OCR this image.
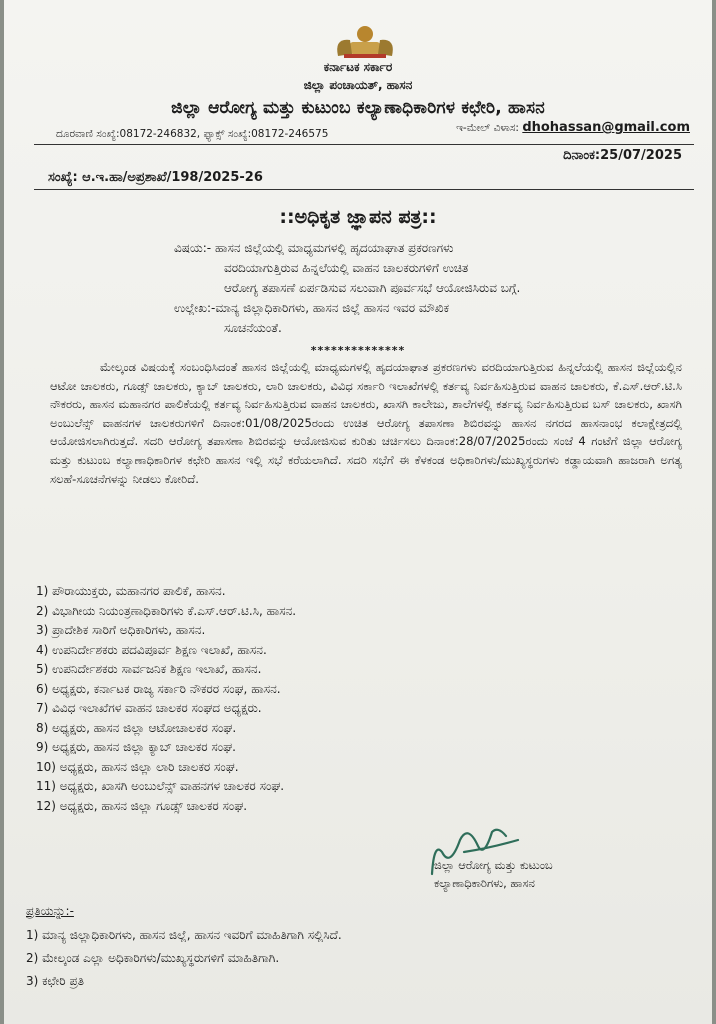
ಕರ್ನಾಟಕ ಸರ್ಕಾರ
ಜಿಲ್ಲಾ ಪಂಚಾಯತ್, ಹಾಸನ
ಜಿಲ್ಲಾ ಆರೋಗ್ಯ ಮತ್ತು ಕುಟುಂಬ ಕಲ್ಯಾಣಾಧಿಕಾರಿಗಳ ಕಛೇರಿ, ಹಾಸನ
ದೂರವಾಣಿ ಸಂಖ್ಯೆ:08172-246832, ಫ್ಯಾಕ್ಸ್ ಸಂಖ್ಯೆ:08172-246575	ಇ-ಮೇಲ್ ವಿಳಾಸ: dhohassan@gmail.com
ದಿನಾಂಕ:25/07/2025
ಸಂಖ್ಯೆ: ಆ.ಇ.ಹಾ/ಅಪ್ರಶಾಖೆ/198/2025-26
::ಅಧಿಕೃತ ಜ್ಞಾಪನ ಪತ್ರ::
ವಿಷಯ:- ಹಾಸನ ಜಿಲ್ಲೆಯಲ್ಲಿ ಮಾಧ್ಯಮಗಳಲ್ಲಿ ಹೃದಯಾಘಾತ ಪ್ರಕರಣಗಳು
ವರದಿಯಾಗುತ್ತಿರುವ ಹಿನ್ನಲೆಯಲ್ಲಿ ವಾಹನ ಚಾಲಕರುಗಳಿಗೆ ಉಚಿತ
ಆರೋಗ್ಯ ತಪಾಸಣೆ ಏರ್ಪಡಿಸುವ ಸಲುವಾಗಿ ಪೂರ್ವಸಭೆ ಆಯೋಜಿಸಿರುವ ಬಗ್ಗೆ.
ಉಲ್ಲೇಖ:-ಮಾನ್ಯ ಜಿಲ್ಲಾಧಿಕಾರಿಗಳು, ಹಾಸನ ಜಿಲ್ಲೆ ಹಾಸನ ಇವರ ಮೌಖಿಕ
ಸೂಚನೆಯಂತೆ.
**************
ಮೇಲ್ಕಂಡ ವಿಷಯಕ್ಕೆ ಸಂಬಂಧಿಸಿದಂತೆ ಹಾಸನ ಜಿಲ್ಲೆಯಲ್ಲಿ ಮಾಧ್ಯಮಗಳಲ್ಲಿ ಹೃದಯಾಘಾತ ಪ್ರಕರಣಗಳು ವರದಿಯಾಗುತ್ತಿರುವ ಹಿನ್ನಲೆಯಲ್ಲಿ ಹಾಸನ ಜಿಲ್ಲೆಯಲ್ಲಿನ ಆಟೋ ಚಾಲಕರು, ಗೂಡ್ಸ್ ಚಾಲಕರು, ಕ್ಯಾಬ್ ಚಾಲಕರು, ಲಾರಿ ಚಾಲಕರು, ವಿವಿಧ ಸರ್ಕಾರಿ ಇಲಾಖೆಗಳಲ್ಲಿ ಕರ್ತವ್ಯ ನಿರ್ವಹಿಸುತ್ತಿರುವ ವಾಹನ ಚಾಲಕರು, ಕೆ.ಎಸ್.ಆರ್.ಟಿ.ಸಿ ನೌಕರರು, ಹಾಸನ ಮಹಾನಗರ ಪಾಲಿಕೆಯಲ್ಲಿ ಕರ್ತವ್ಯ ನಿರ್ವಹಿಸುತ್ತಿರುವ ವಾಹನ ಚಾಲಕರು, ಖಾಸಗಿ ಕಾಲೇಜು, ಶಾಲೆಗಳಲ್ಲಿ ಕರ್ತವ್ಯ ನಿರ್ವಹಿಸುತ್ತಿರುವ ಬಸ್ ಚಾಲಕರು, ಖಾಸಗಿ ಅಂಬುಲೆನ್ಸ್ ವಾಹನಗಳ ಚಾಲಕರುಗಳಿಗೆ ದಿನಾಂಕ:01/08/2025ರಂದು ಉಚಿತ ಆರೋಗ್ಯ ತಪಾಸಣಾ ಶಿಬಿರವನ್ನು ಹಾಸನ ನಗರದ ಹಾಸನಾಂಭ ಕಲಾಕ್ಷೇತ್ರದಲ್ಲಿ ಆಯೋಜಿಸಲಾಗಿರುತ್ತದೆ. ಸದರಿ ಆರೋಗ್ಯ ತಪಾಸಣಾ ಶಿಬಿರವನ್ನು ಆಯೋಜಿಸುವ ಕುರಿತು ಚರ್ಚಿಸಲು ದಿನಾಂಕ:28/07/2025ರಂದು ಸಂಜೆ 4 ಗಂಟೆಗೆ ಜಿಲ್ಲಾ ಆರೋಗ್ಯ ಮತ್ತು ಕುಟುಂಬ ಕಲ್ಯಾಣಾಧಿಕಾರಿಗಳ ಕಛೇರಿ ಹಾಸನ ಇಲ್ಲಿ ಸಭೆ ಕರೆಯಲಾಗಿದೆ. ಸದರಿ ಸಭೆಗೆ ಈ ಕೆಳಕಂಡ ಅಧಿಕಾರಿಗಳು/ಮುಖ್ಯಸ್ಥರುಗಳು ಕಡ್ಡಾಯವಾಗಿ ಹಾಜರಾಗಿ ಅಗತ್ಯ ಸಲಹೆ-ಸೂಚನೆಗಳನ್ನು ನೀಡಲು ಕೋರಿದೆ.
1) ಪೌರಾಯುಕ್ತರು, ಮಹಾನಗರ ಪಾಲಿಕೆ, ಹಾಸನ.
2) ವಿಭಾಗೀಯ ನಿಯಂತ್ರಣಾಧಿಕಾರಿಗಳು ಕೆ.ಎಸ್.ಆರ್.ಟಿ.ಸಿ, ಹಾಸನ.
3) ಪ್ರಾದೇಶಿಕ ಸಾರಿಗೆ ಅಧಿಕಾರಿಗಳು, ಹಾಸನ.
4) ಉಪನಿರ್ದೇಶಕರು ಪದವಿಪೂರ್ವ ಶಿಕ್ಷಣ ಇಲಾಖೆ, ಹಾಸನ.
5) ಉಪನಿರ್ದೇಶಕರು ಸಾರ್ವಜನಿಕ ಶಿಕ್ಷಣ ಇಲಾಖೆ, ಹಾಸನ.
6) ಅಧ್ಯಕ್ಷರು, ಕರ್ನಾಟಕ ರಾಜ್ಯ ಸರ್ಕಾರಿ ನೌಕರರ ಸಂಘ, ಹಾಸನ.
7) ವಿವಿಧ ಇಲಾಖೆಗಳ ವಾಹನ ಚಾಲಕರ ಸಂಘದ ಅಧ್ಯಕ್ಷರು.
8) ಅಧ್ಯಕ್ಷರು, ಹಾಸನ ಜಿಲ್ಲಾ ಆಟೋಚಾಲಕರ ಸಂಘ.
9) ಅಧ್ಯಕ್ಷರು, ಹಾಸನ ಜಿಲ್ಲಾ ಕ್ಯಾಬ್ ಚಾಲಕರ ಸಂಘ.
10) ಅಧ್ಯಕ್ಷರು, ಹಾಸನ ಜಿಲ್ಲಾ ಲಾರಿ ಚಾಲಕರ ಸಂಘ.
11) ಅಧ್ಯಕ್ಷರು, ಖಾಸಗಿ ಅಂಬುಲೆನ್ಸ್ ವಾಹನಗಳ ಚಾಲಕರ ಸಂಘ.
12) ಅಧ್ಯಕ್ಷರು, ಹಾಸನ ಜಿಲ್ಲಾ ಗೂಡ್ಸ್ ಚಾಲಕರ ಸಂಘ.
ಜಿಲ್ಲಾ ಆರೋಗ್ಯ ಮತ್ತು ಕುಟುಂಬ
ಕಲ್ಯಾಣಾಧಿಕಾರಿಗಳು, ಹಾಸನ
ಪ್ರತಿಯನ್ನು:-
1) ಮಾನ್ಯ ಜಿಲ್ಲಾಧಿಕಾರಿಗಳು, ಹಾಸನ ಜಿಲ್ಲೆ, ಹಾಸನ ಇವರಿಗೆ ಮಾಹಿತಿಗಾಗಿ ಸಲ್ಲಿಸಿದೆ.
2) ಮೇಲ್ಕಂಡ ಎಲ್ಲಾ ಅಧಿಕಾರಿಗಳು/ಮುಖ್ಯಸ್ಥರುಗಳಿಗೆ ಮಾಹಿತಿಗಾಗಿ.
3) ಕಛೇರಿ ಪ್ರತಿ
